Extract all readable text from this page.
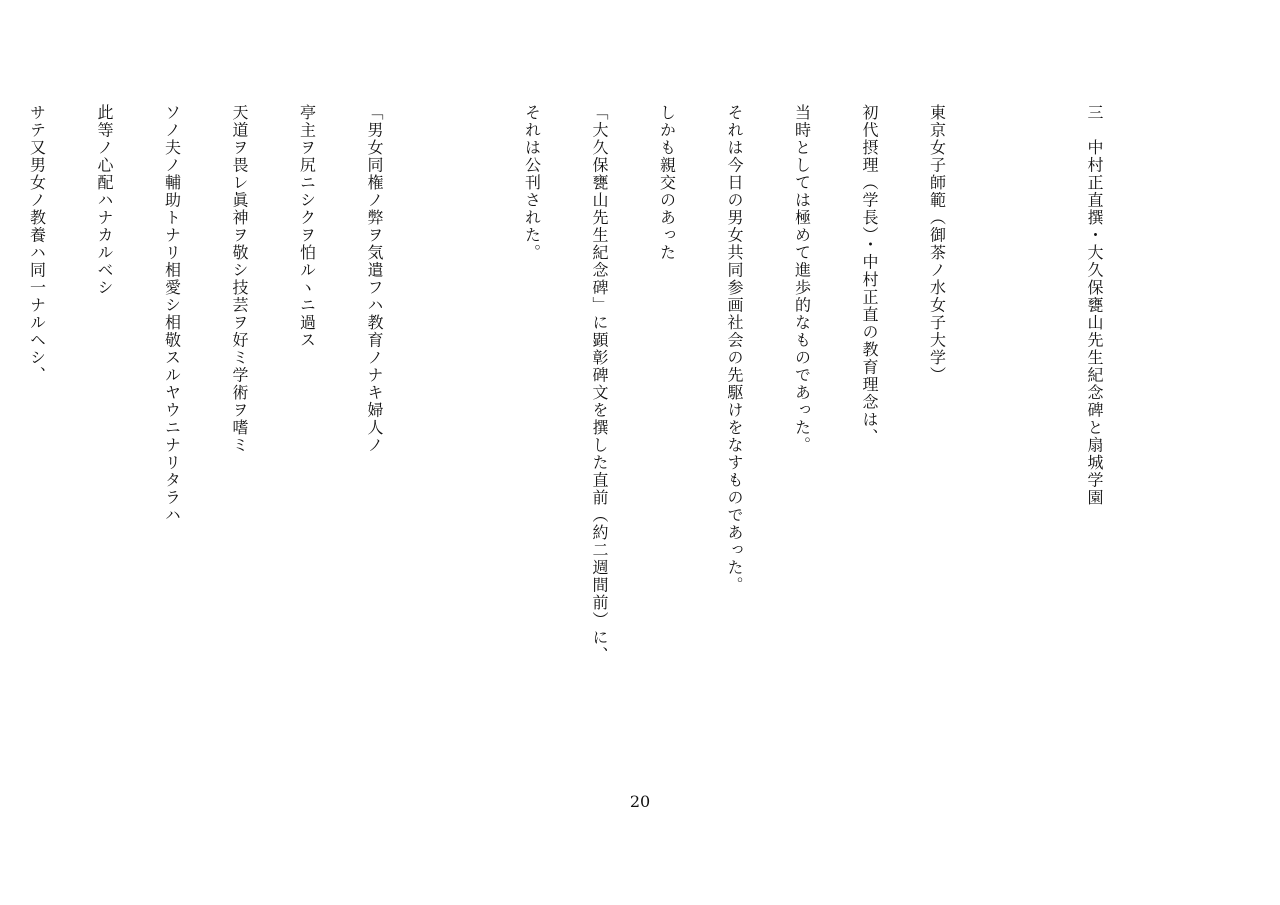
三　中村正直撰・大久保甕山先生紀念碑と扇城学園

東京女子師範（御茶ノ水女子大学）

初代摂理（学長）・中村正直の教育理念は、

当時としては極めて進歩的なものであった。

それは今日の男女共同参画社会の先駆けをなすものであった。

しかも親交のあった

「大久保甕山先生紀念碑」に顕彰碑文を撰した直前（約二週間前）に、

それは公刊された。

「男女同権ノ弊ヲ気遣フハ教育ノナキ婦人ノ

亭主ヲ尻ニシクヲ怕ルヽニ過ス

天道ヲ畏レ眞神ヲ敬シ技芸ヲ好ミ学術ヲ嗜ミ

ソノ夫ノ輔助トナリ相愛シ相敬スルヤウニナリタラハ

此等ノ心配ハナカルベシ

サテ又男女ノ教養ハ同一ナルヘシ、

20
